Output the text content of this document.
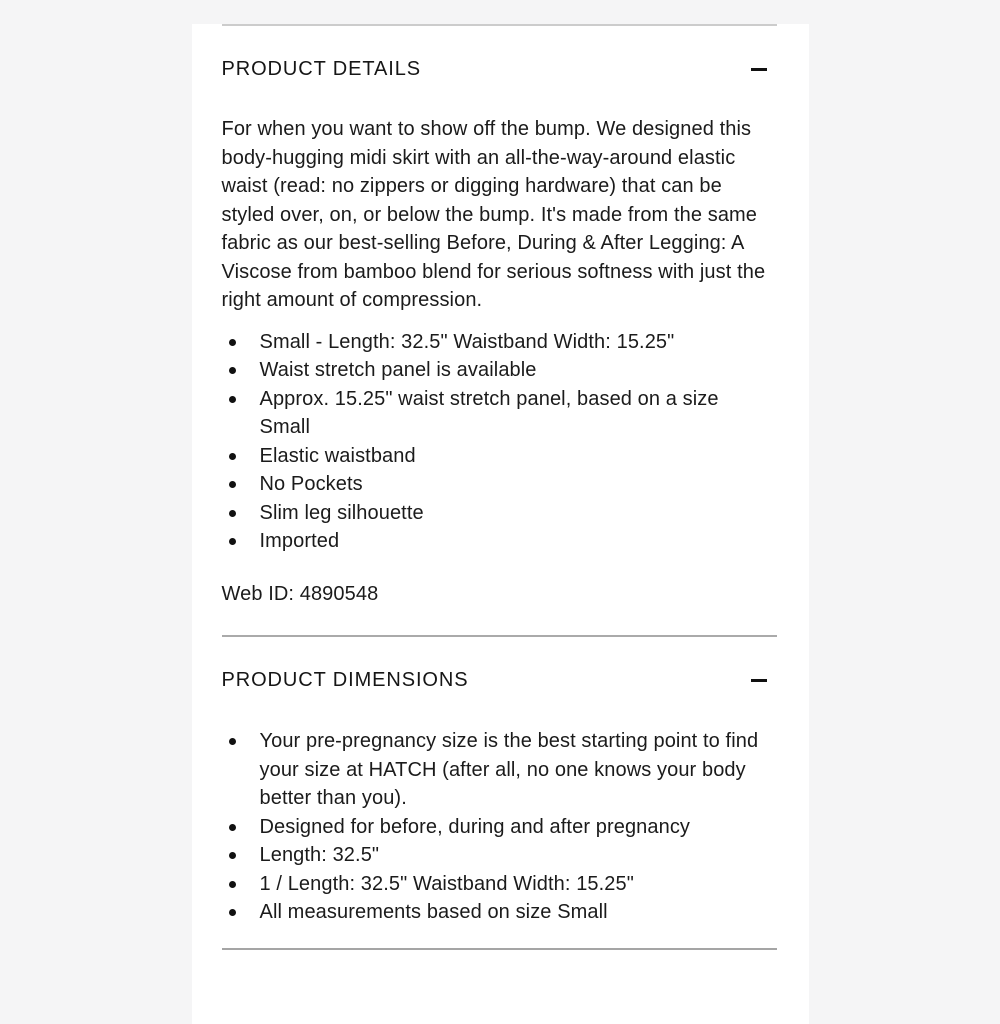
PRODUCT DETAILS

For when you want to show off the bump. We designed this body-hugging midi skirt with an all-the-way-around elastic waist (read: no zippers or digging hardware) that can be styled over, on, or below the bump. It's made from the same fabric as our best-selling Before, During & After Legging: A Viscose from bamboo blend for serious softness with just the right amount of compression.

Small - Length: 32.5" Waistband Width: 15.25"
Waist stretch panel is available
Approx. 15.25" waist stretch panel, based on a size Small
Elastic waistband
No Pockets
Slim leg silhouette
Imported

Web ID: 4890548

PRODUCT DIMENSIONS
Your pre-pregnancy size is the best starting point to find your size at HATCH (after all, no one knows your body better than you).
Designed for before, during and after pregnancy
Length: 32.5"
1 / Length: 32.5" Waistband Width: 15.25"
All measurements based on size Small
